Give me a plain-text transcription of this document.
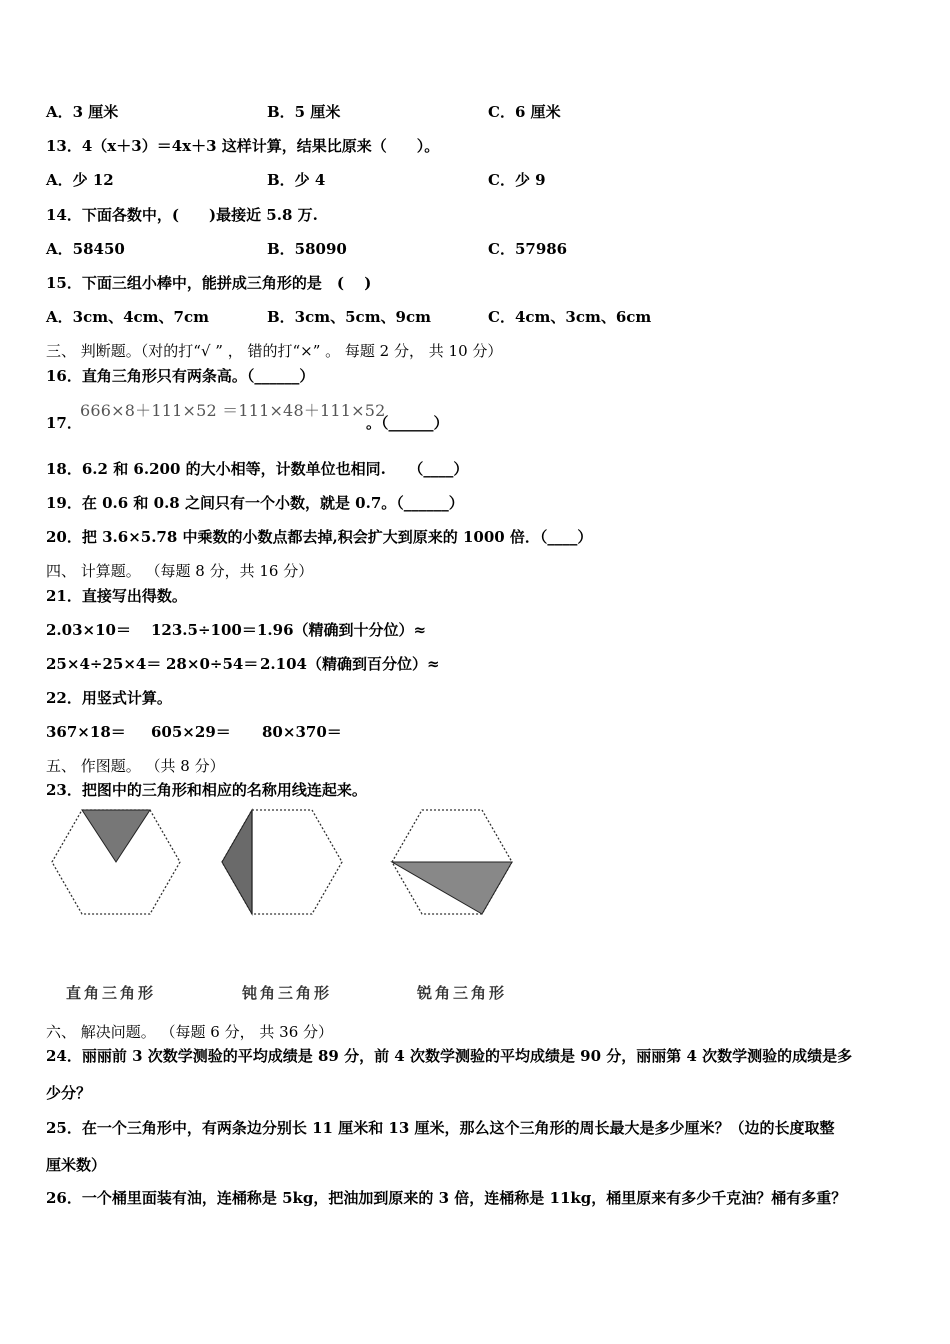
A．3 厘米	B．5 厘米	C．6 厘米
13．4（x＋3）＝4x＋3 这样计算，结果比原来（　　）。
A．少 12	B．少 4	C．少 9
14．下面各数中，(　　)最接近 5.8 万.
A．58450	B．58090	C．57986
15．下面三组小棒中，能拼成三角形的是　( 　)
A．3cm、4cm、7cm	B．3cm、5cm、9cm	C．4cm、3cm、6cm
三、 判断题。（对的打“√ ” ， 错的打“×” 。 每题 2 分， 共 10 分）
16．直角三角形只有两条高。（______）
17．
666×8＋111×52 ＝111×48＋111×52
。（______）
18．6.2 和 6.200 的大小相等，计数单位也相同.　　（____）
19．在 0.6 和 0.8 之间只有一个小数，就是 0.7。（______）
20．把 3.6×5.78 中乘数的小数点都去掉,积会扩大到原来的 1000 倍．（____）
四、 计算题。 （每题 8 分，共 16 分）
21．直接写出得数。
2.03×10＝ 123.5÷100＝ 1.96（精确到十分位）≈
25×4÷25×4＝ 28×0÷54＝ 2.104（精确到百分位）≈
22．用竖式计算。
367×18＝ 605×29＝ 80×370＝
五、 作图题。 （共 8 分）
23．把图中的三角形和相应的名称用线连起来。
直角三角形	钝角三角形	锐角三角形
六、 解决问题。 （每题 6 分， 共 36 分）
24．丽丽前 3 次数学测验的平均成绩是 89 分，前 4 次数学测验的平均成绩是 90 分，丽丽第 4 次数学测验的成绩是多
少分？
25．在一个三角形中，有两条边分别长 11 厘米和 13 厘米，那么这个三角形的周长最大是多少厘米？（边的长度取整
厘米数）
26．一个桶里面装有油，连桶称是 5kg，把油加到原来的 3 倍，连桶称是 11kg，桶里原来有多少千克油？桶有多重？
